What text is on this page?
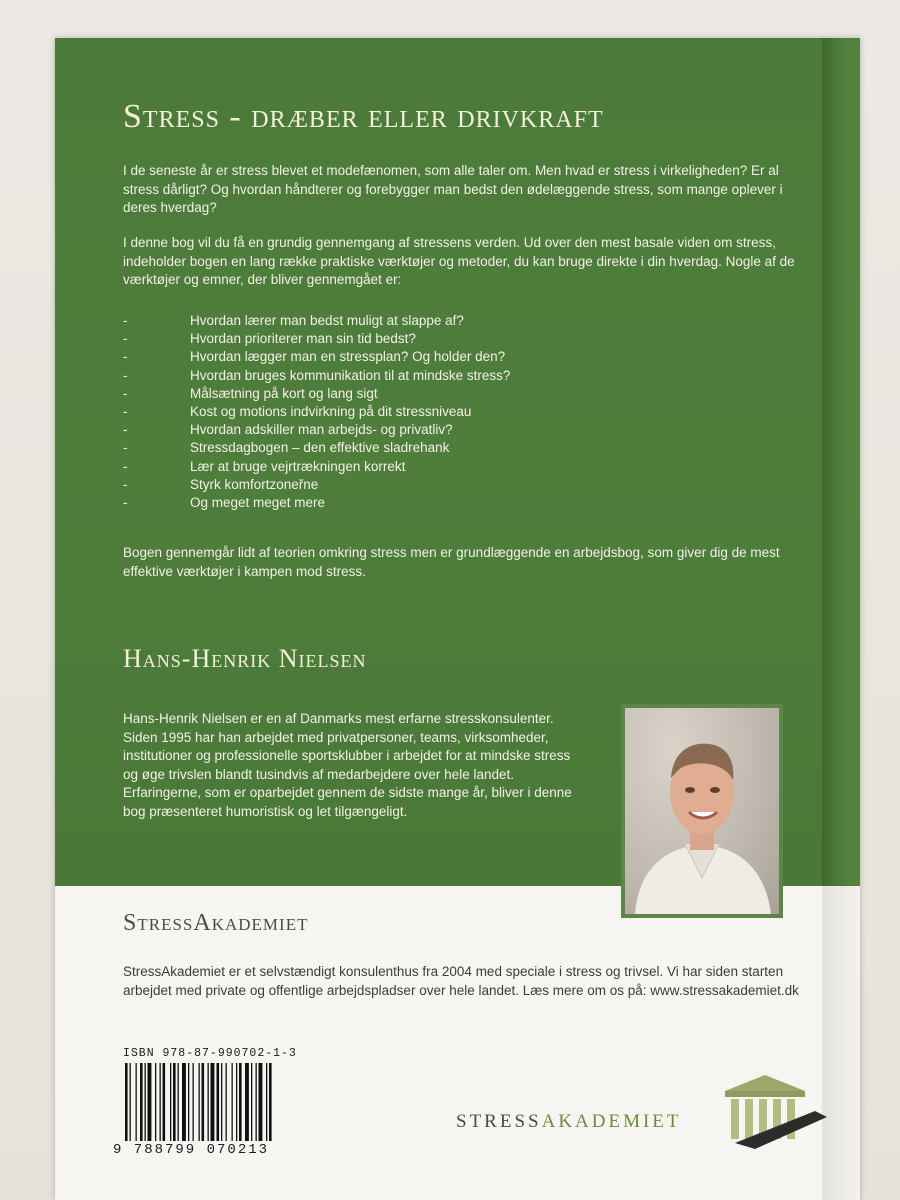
Stress - dræber eller drivkraft
I de seneste år er stress blevet et modefænomen, som alle taler om. Men hvad er stress i virkeligheden? Er al stress dårligt? Og hvordan håndterer og forebygger man bedst den ødelæggende stress, som mange oplever i deres hverdag?
I denne bog vil du få en grundig gennemgang af stressens verden. Ud over den mest basale viden om stress, indeholder bogen en lang række praktiske værktøjer og metoder, du kan bruge direkte i din hverdag. Nogle af de værktøjer og emner, der bliver gennemgået er:
-	Hvordan lærer man bedst muligt at slappe af?
-	Hvordan prioriterer man sin tid bedst?
-	Hvordan lægger man en stressplan? Og holder den?
-	Hvordan bruges kommunikation til at mindske stress?
-	Målsætning på kort og lang sigt
-	Kost og motions indvirkning på dit stressniveau
-	Hvordan adskiller man arbejds- og privatliv?
-	Stressdagbogen – den effektive sladrehank
-	Lær at bruge vejrtrækningen korrekt
-	Styrk komfortzoneřne
-	Og meget meget mere
Bogen gennemgår lidt af teorien omkring stress men er grundlæggende en arbejdsbog, som giver dig de mest effektive værktøjer i kampen mod stress.
Hans-Henrik Nielsen
Hans-Henrik Nielsen er en af Danmarks mest erfarne stresskonsulenter. Siden 1995 har han arbejdet med privatpersoner, teams, virksomheder, institutioner og professionelle sportsklubber i arbejdet for at mindske stress og øge trivslen blandt tusindvis af medarbejdere over hele landet.
Erfaringerne, som er oparbejdet gennem de sidste mange år, bliver i denne bog præsenteret humoristisk og let tilgængeligt.
StressAkademiet
StressAkademiet er et selvstændigt konsulenthus fra 2004 med speciale i stress og trivsel. Vi har siden starten arbejdet med private og offentlige arbejdspladser over hele landet. Læs mere om os på: www.stressakademiet.dk
ISBN 978-87-990702-1-3
9 788799 070213
STRESSAKADEMIET
